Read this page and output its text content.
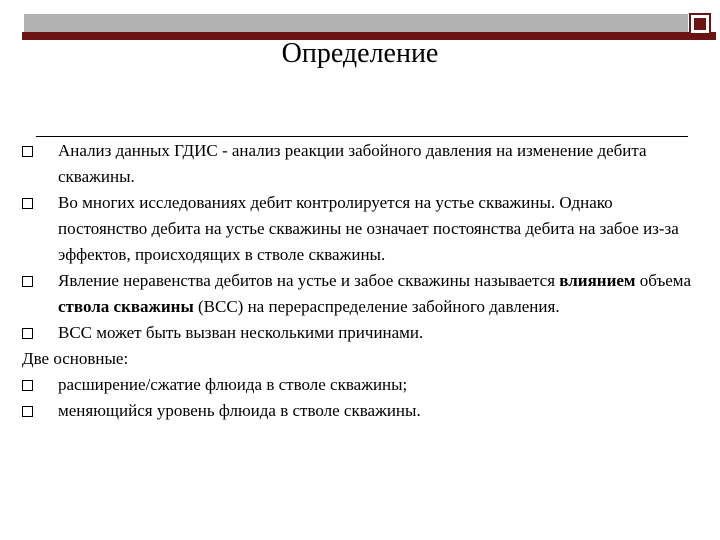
Определение
Анализ данных ГДИС - анализ реакции забойного давления на изменение дебита скважины.
Во многих исследованиях дебит контролируется на устье скважины. Однако постоянство дебита на устье скважины не означает постоянства дебита на забое из-за эффектов, происходящих в стволе скважины.
Явление неравенства дебитов на устье и забое скважины называется влиянием объема ствола скважины (ВСС) на перераспределение забойного давления.
ВСС может быть вызван несколькими причинами.
Две основные:
расширение/сжатие флюида в стволе скважины;
меняющийся уровень флюида в стволе скважины.
